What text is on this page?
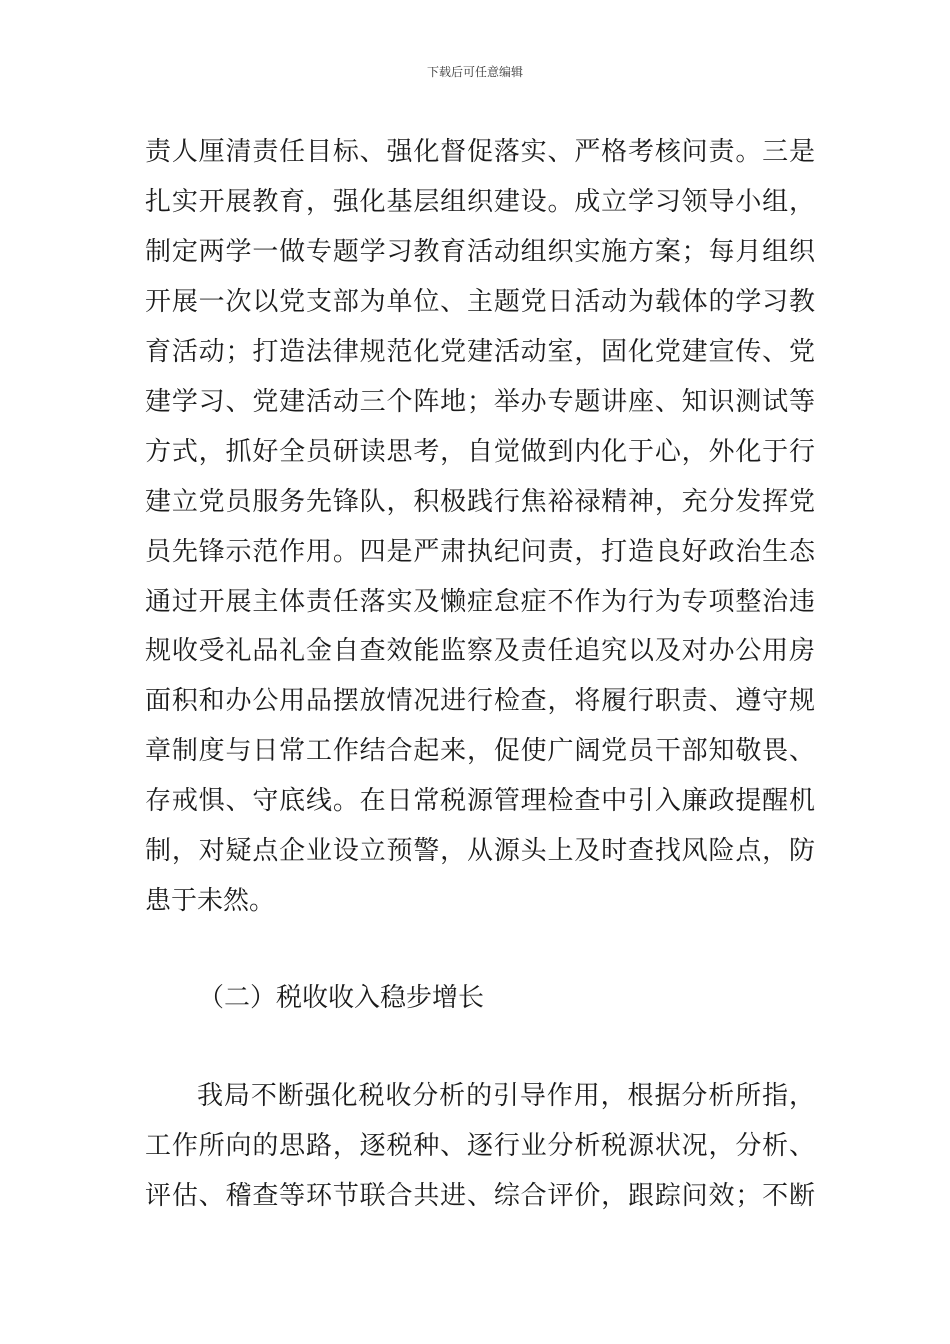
下载后可任意编辑
责人厘清责任目标、强化督促落实、严格考核问责。三是
扎实开展教育，强化基层组织建设。成立学习领导小组，
制定两学一做专题学习教育活动组织实施方案；每月组织
开展一次以党支部为单位、主题党日活动为载体的学习教
育活动；打造法律规范化党建活动室，固化党建宣传、党
建学习、党建活动三个阵地；举办专题讲座、知识测试等
方式，抓好全员研读思考，自觉做到内化于心，外化于行
建立党员服务先锋队，积极践行焦裕禄精神，充分发挥党
员先锋示范作用。四是严肃执纪问责，打造良好政治生态
通过开展主体责任落实及懒症怠症不作为行为专项整治违
规收受礼品礼金自查效能监察及责任追究以及对办公用房
面积和办公用品摆放情况进行检查，将履行职责、遵守规
章制度与日常工作结合起来，促使广阔党员干部知敬畏、
存戒惧、守底线。在日常税源管理检查中引入廉政提醒机
制，对疑点企业设立预警，从源头上及时查找风险点，防
患于未然。
（二）税收收入稳步增长
我局不断强化税收分析的引导作用，根据分析所指，
工作所向的思路，逐税种、逐行业分析税源状况，分析、
评估、稽查等环节联合共进、综合评价，跟踪问效；不断
